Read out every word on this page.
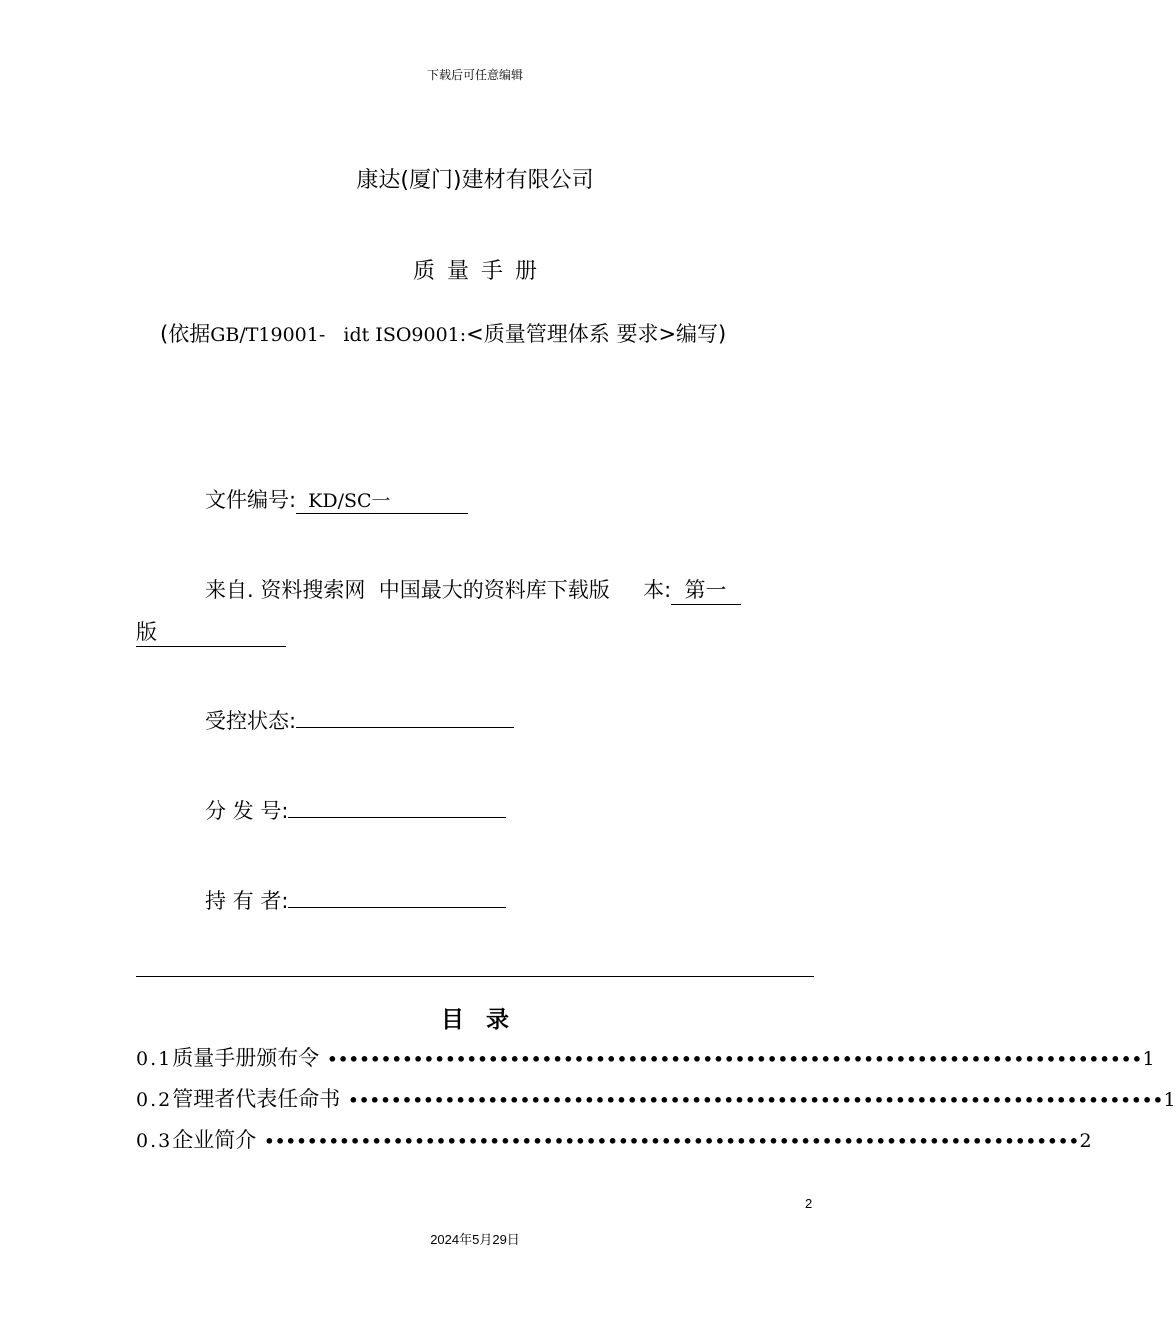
下载后可任意编辑
康达(厦门)建材有限公司
质量手册
(依据GB/T19001-   idt ISO9001:<质量管理体系 要求>编写)
文件编号:  KD/SC一
来自. 资料搜索网  中国最大的资料库下载版     本:  第一
版
受控状态:
分 发 号:
持 有 者:
目录
0.1 质量手册颁布令 •••••••••••••••••••••••••••••••••••••••••••••••••••••••••••••••••••••••••••• 1
0.2 管理者代表任命书 •••••••••••••••••••••••••••••••••••••••••••••••••••••••••••••••••••••••••••• 1
0.3 企业简介 •••••••••••••••••••••••••••••••••••••••••••••••••••••••••••••••••••••••••••• 2
2
2024年5月29日
